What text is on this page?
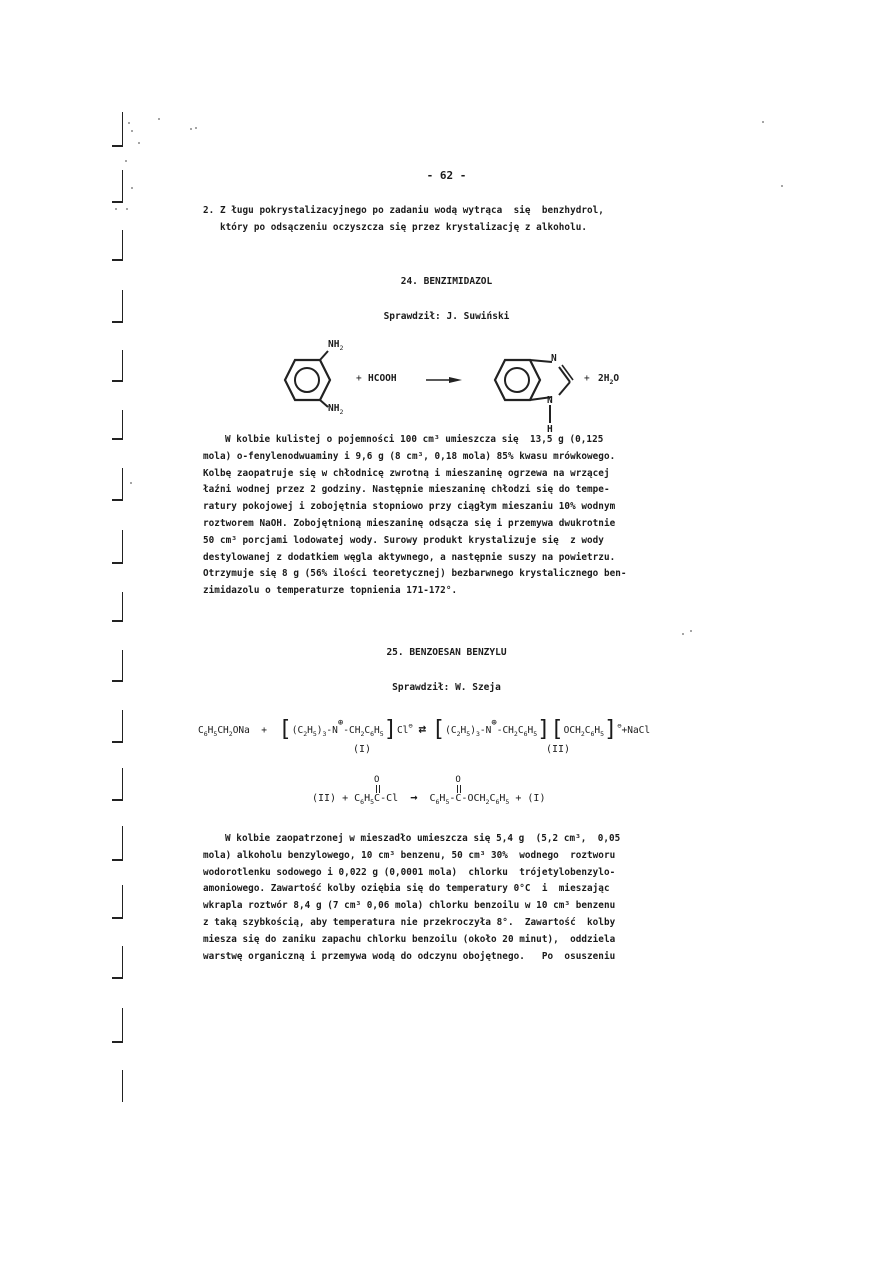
- 62 -
2. Z ługu pokrystalizacyjnego po zadaniu wodą wytrąca  się  benzhydrol,
który po odsączeniu oczyszcza się przez krystalizację z alkoholu.
24. BENZIMIDAZOL
Sprawdził: J. Suwiński
$NH_2$
$NH_2$
+ HCOOH
N
N
H
+ $2H_2O$
W kolbie kulistej o pojemności 100 cm³ umieszcza się  13,5 g (0,125
mola) o-fenylenodwuaminy i 9,6 g (8 cm³, 0,18 mola) 85% kwasu mrówkowego.
Kolbę zaopatruje się w chłodnicę zwrotną i mieszaninę ogrzewa na wrzącej
łaźni wodnej przez 2 godziny. Następnie mieszaninę chłodzi się do tempe-
ratury pokojowej i zobojętnia stopniowo przy ciągłym mieszaniu 10% wodnym
roztworem NaOH. Zobojętnioną mieszaninę odsącza się i przemywa dwukrotnie
50 cm³ porcjami lodowatej wody. Surowy produkt krystalizuje się  z wody
destylowanej z dodatkiem węgla aktywnego, a następnie suszy na powietrzu.
Otrzymuje się 8 g (56% ilości teoretycznej) bezbarwnego krystalicznego ben-
zimidazolu o temperaturze topnienia 171-172°.
25. BENZOESAN BENZYLU
Sprawdził: W. Szeja
$C_6H_5CH_2ONa$  + $[(C_2H_5)_3-N\oplus-CH_2C_6H_5]Cl^⊖$ ⇄ $[(C_2H_5)_3-N\oplus-CH_2C_6H_5][OCH_2C_6H_5]^⊖+NaCl$
(I)	(II)
$(II) + C_6H_5$
O
$C-Cl \to C_6H_5-$
O
$C-OCH_2C_6H_5 + (I)$
W kolbie zaopatrzonej w mieszadło umieszcza się 5,4 g  (5,2 cm³,  0,05
mola) alkoholu benzylowego, 10 cm³ benzenu, 50 cm³ 30%  wodnego  roztworu
wodorotlenku sodowego i 0,022 g (0,0001 mola)  chlorku  trójetylobenzylo-
amoniowego. Zawartość kolby oziębia się do temperatury 0°C  i  mieszając
wkrapla roztwór 8,4 g (7 cm³ 0,06 mola) chlorku benzoilu w 10 cm³ benzenu
z taką szybkością, aby temperatura nie przekroczyła 8°.  Zawartość  kolby
miesza się do zaniku zapachu chlorku benzoilu (około 20 minut),  oddziela
warstwę organiczną i przemywa wodą do odczynu obojętnego.   Po  osuszeniu
